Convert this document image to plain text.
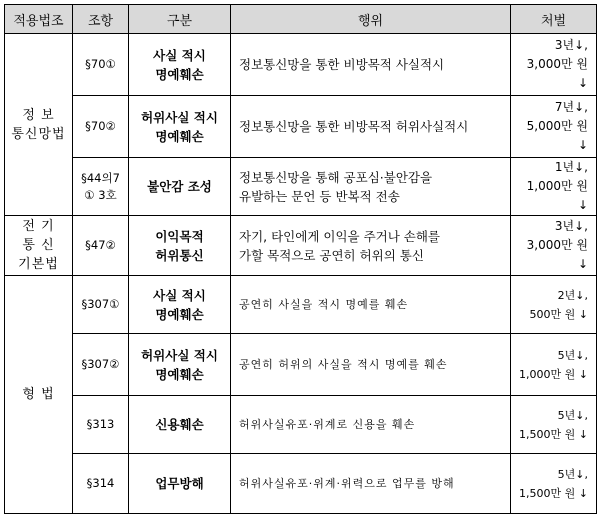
적용법조	조항	구분	행위	처벌

정 보
통신망법	§70①	사실 적시
명예훼손	정보통신망을 통한 비방목적 사실적시	3년↓,
3,000만 원 ↓

	§70②	허위사실 적시
명예훼손	정보통신망을 통한 비방목적 허위사실적시	7년↓,
5,000만 원 ↓

	§44의7
① 3호	불안감 조성	정보통신망을 통해 공포심·불안감을
유발하는 문언 등 반복적 전송	1년↓,
1,000만 원 ↓

전 기
통 신
기본법	§47②	이익목적
허위통신	자기, 타인에게 이익을 주거나 손해를
가할 목적으로 공연히 허위의 통신	3년↓,
3,000만 원 ↓

형 법	§307①	사실 적시
명예훼손	공연히 사실을 적시 명예를 훼손	2년↓,
500만 원 ↓

	§307②	허위사실 적시
명예훼손	공연히 허위의 사실을 적시 명예를 훼손	5년↓,
1,000만 원 ↓

	§313	신용훼손	허위사실유포·위계로 신용을 훼손	5년↓,
1,500만 원 ↓

	§314	업무방해	허위사실유포·위계·위력으로 업무를 방해	5년↓,
1,500만 원 ↓
